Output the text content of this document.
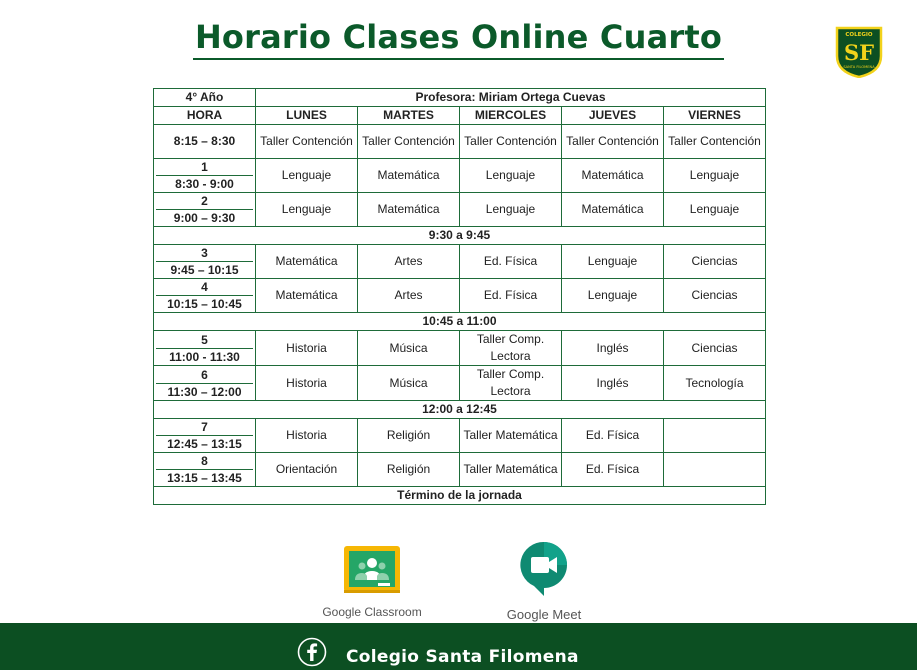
Horario Clases Online Cuarto	COLEGIO
SF
SANTA FILOMENA
4° Año	Profesora: Miriam Ortega Cuevas				
HORA	LUNES	MARTES	MIERCOLES	JUEVES	VIERNES
8:15 – 8:30	Taller Contención	Taller Contención	Taller Contención	Taller Contención	Taller Contención

1
8:30 - 9:00	Lenguaje	Matemática	Lenguaje	Matemática	Lenguaje

2
9:00 – 9:30	Lenguaje	Matemática	Lenguaje	Matemática	Lenguaje
9:30 a 9:45					

3
9:45 – 10:15	Matemática	Artes	Ed. Física	Lenguaje	Ciencias

4
10:15 – 10:45	Matemática	Artes	Ed. Física	Lenguaje	Ciencias
10:45 a 11:00					

5
11:00 - 11:30	Historia	Música	Taller Comp. Lectora	Inglés	Ciencias

6
11:30 – 12:00	Historia	Música	Taller Comp. Lectora	Inglés	Tecnología
12:00 a 12:45					

7
12:45 – 13:15	Historia	Religión	Taller Matemática	Ed. Física	

8
13:15 – 13:45	Orientación	Religión	Taller Matemática	Ed. Física	
Término de la jornada					
Google Classroom	Google Meet
Colegio Santa Filomena
